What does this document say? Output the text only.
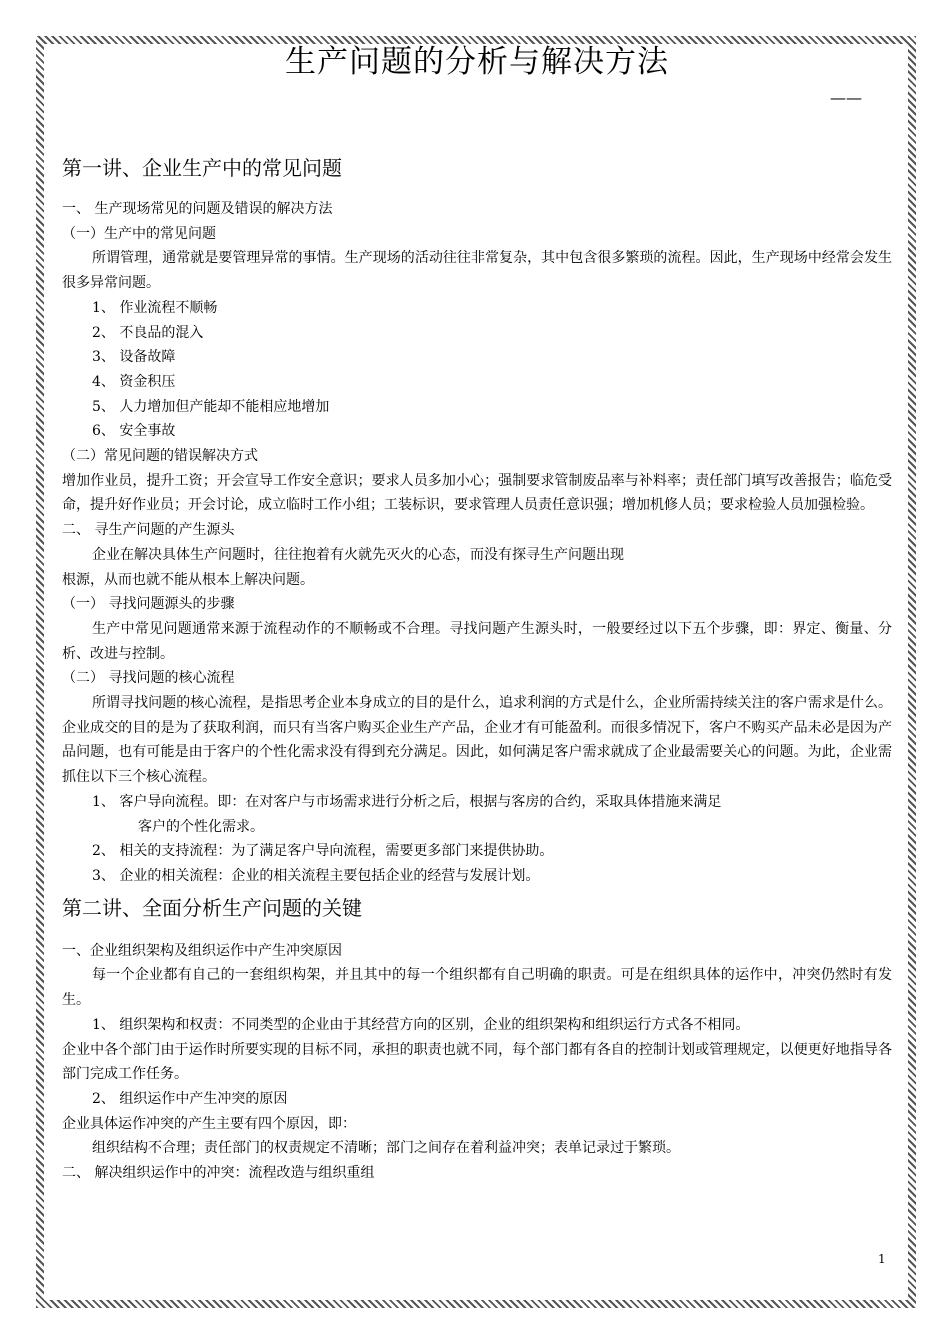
生产问题的分析与解决方法
——
第一讲、企业生产中的常见问题

一、 生产现场常见的问题及错误的解决方法

（一）生产中的常见问题

所谓管理，通常就是要管理异常的事情。生产现场的活动往往非常复杂，其中包含很多繁琐的流程。因此，生产现场中经常会发生很多异常问题。

1、 作业流程不顺畅

2、 不良品的混入

3、 设备故障

4、 资金积压

5、 人力增加但产能却不能相应地增加

6、 安全事故

（二）常见问题的错误解决方式

增加作业员，提升工资；开会宣导工作安全意识；要求人员多加小心；强制要求管制废品率与补料率；责任部门填写改善报告；临危受命，提升好作业员；开会讨论，成立临时工作小组；工装标识，要求管理人员责任意识强；增加机修人员；要求检验人员加强检验。

二、 寻生产问题的产生源头

企业在解决具体生产问题时，往往抱着有火就先灭火的心态，而没有探寻生产问题出现

根源，从而也就不能从根本上解决问题。

（一） 寻找问题源头的步骤

生产中常见问题通常来源于流程动作的不顺畅或不合理。寻找问题产生源头时，一般要经过以下五个步骤，即：界定、衡量、分析、改进与控制。

（二） 寻找问题的核心流程

所谓寻找问题的核心流程，是指思考企业本身成立的目的是什么，追求利润的方式是什么，企业所需持续关注的客户需求是什么。企业成交的目的是为了获取利润，而只有当客户购买企业生产产品，企业才有可能盈利。而很多情况下，客户不购买产品未必是因为产品问题，也有可能是由于客户的个性化需求没有得到充分满足。因此，如何满足客户需求就成了企业最需要关心的问题。为此，企业需抓住以下三个核心流程。

1、 客户导向流程。即：在对客户与市场需求进行分析之后，根据与客房的合约，采取具体措施来满足

客户的个性化需求。

2、 相关的支持流程：为了满足客户导向流程，需要更多部门来提供协助。

3、 企业的相关流程：企业的相关流程主要包括企业的经营与发展计划。

第二讲、全面分析生产问题的关键

一、企业组织架构及组织运作中产生冲突原因

每一个企业都有自己的一套组织构架，并且其中的每一个组织都有自己明确的职责。可是在组织具体的运作中，冲突仍然时有发生。

1、 组织架构和权责：不同类型的企业由于其经营方向的区别，企业的组织架构和组织运行方式各不相同。

企业中各个部门由于运作时所要实现的目标不同，承担的职责也就不同，每个部门都有各自的控制计划或管理规定，以便更好地指导各部门完成工作任务。

2、 组织运作中产生冲突的原因

企业具体运作冲突的产生主要有四个原因，即：

组织结构不合理；责任部门的权责规定不清晰；部门之间存在着利益冲突；表单记录过于繁琐。

二、 解决组织运作中的冲突：流程改造与组织重组

1
